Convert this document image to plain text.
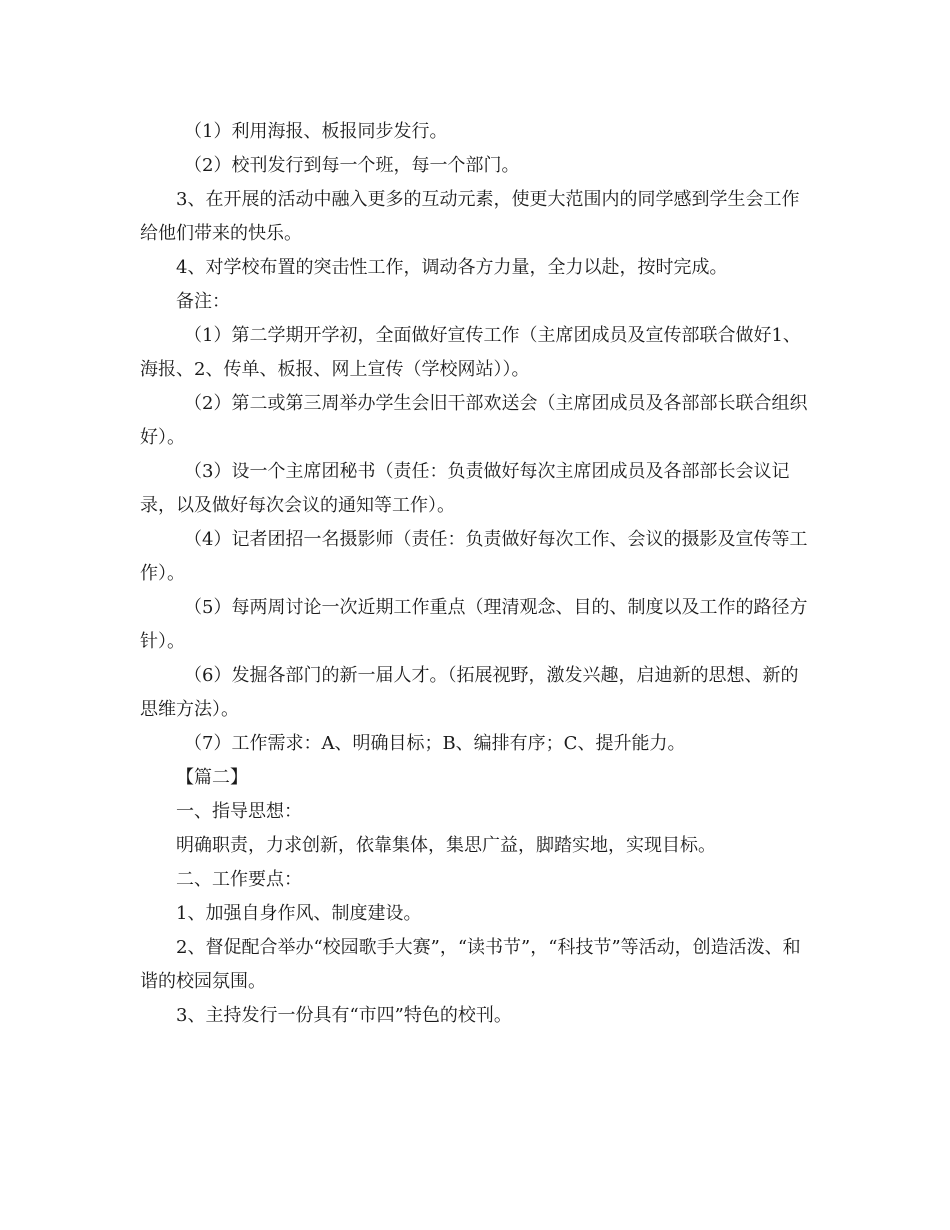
（1）利用海报、板报同步发行。

（2）校刊发行到每一个班，每一个部门。

3、在开展的活动中融入更多的互动元素，使更大范围内的同学感到学生会工作给他们带来的快乐。

4、对学校布置的突击性工作，调动各方力量，全力以赴，按时完成。

备注：

（1）第二学期开学初，全面做好宣传工作（主席团成员及宣传部联合做好1、海报、2、传单、板报、网上宣传（学校网站））。

（2）第二或第三周举办学生会旧干部欢送会（主席团成员及各部部长联合组织好）。

（3）设一个主席团秘书（责任：负责做好每次主席团成员及各部部长会议记录，以及做好每次会议的通知等工作）。

（4）记者团招一名摄影师（责任：负责做好每次工作、会议的摄影及宣传等工作）。

（5）每两周讨论一次近期工作重点（理清观念、目的、制度以及工作的路径方针）。

（6）发掘各部门的新一届人才。（拓展视野，激发兴趣，启迪新的思想、新的思维方法）。

（7）工作需求：A、明确目标；B、编排有序；C、提升能力。

【篇二】

一、指导思想：

明确职责，力求创新，依靠集体，集思广益，脚踏实地，实现目标。

二、工作要点：

1、加强自身作风、制度建设。

2、督促配合举办“校园歌手大赛”，“读书节”，“科技节”等活动，创造活泼、和谐的校园氛围。

3、主持发行一份具有“市四”特色的校刊。
